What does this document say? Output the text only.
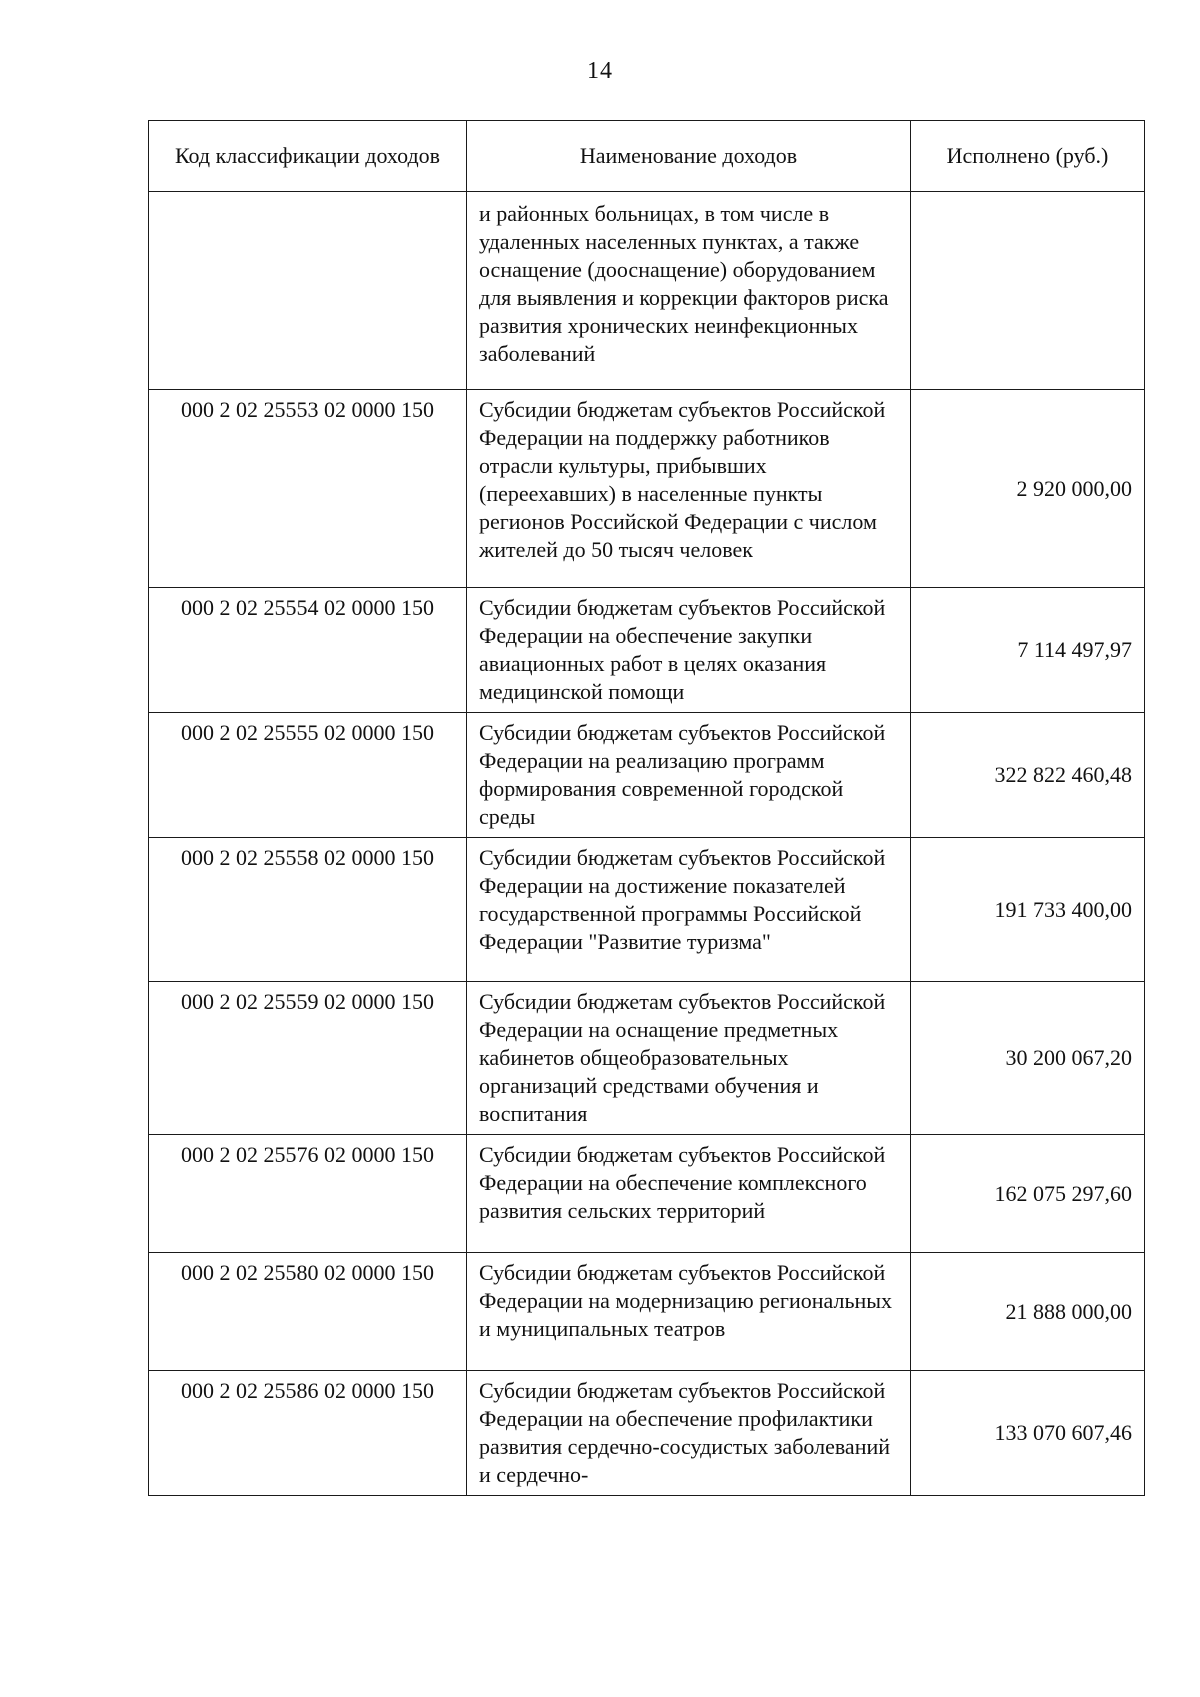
14
Код классификации доходов	Наименование доходов	Исполнено (руб.)
	и районных больницах, в том числе в удаленных населенных пунктах, а также оснащение (дооснащение) оборудованием для выявления и коррекции факторов риска развития хронических неинфекционных заболеваний	
000 2 02 25553 02 0000 150	Субсидии бюджетам субъектов Российской Федерации на поддержку работников отрасли культуры, прибывших (переехавших) в населенные пункты регионов Российской Федерации с числом жителей до 50 тысяч человек	2 920 000,00
000 2 02 25554 02 0000 150	Субсидии бюджетам субъектов Российской Федерации на обеспечение закупки авиационных работ в целях оказания медицинской помощи	7 114 497,97
000 2 02 25555 02 0000 150	Субсидии бюджетам субъектов Российской Федерации на реализацию программ формирования современной городской среды	322 822 460,48
000 2 02 25558 02 0000 150	Субсидии бюджетам субъектов Российской Федерации на достижение показателей государственной программы Российской Федерации "Развитие туризма"	191 733 400,00
000 2 02 25559 02 0000 150	Субсидии бюджетам субъектов Российской Федерации на оснащение предметных кабинетов общеобразовательных организаций средствами обучения и воспитания	30 200 067,20
000 2 02 25576 02 0000 150	Субсидии бюджетам субъектов Российской Федерации на обеспечение комплексного развития сельских территорий	162 075 297,60
000 2 02 25580 02 0000 150	Субсидии бюджетам субъектов Российской Федерации на модернизацию региональных и муниципальных театров	21 888 000,00
000 2 02 25586 02 0000 150	Субсидии бюджетам субъектов Российской Федерации на обеспечение профилактики развития сердечно-сосудистых заболеваний и сердечно-	133 070 607,46
